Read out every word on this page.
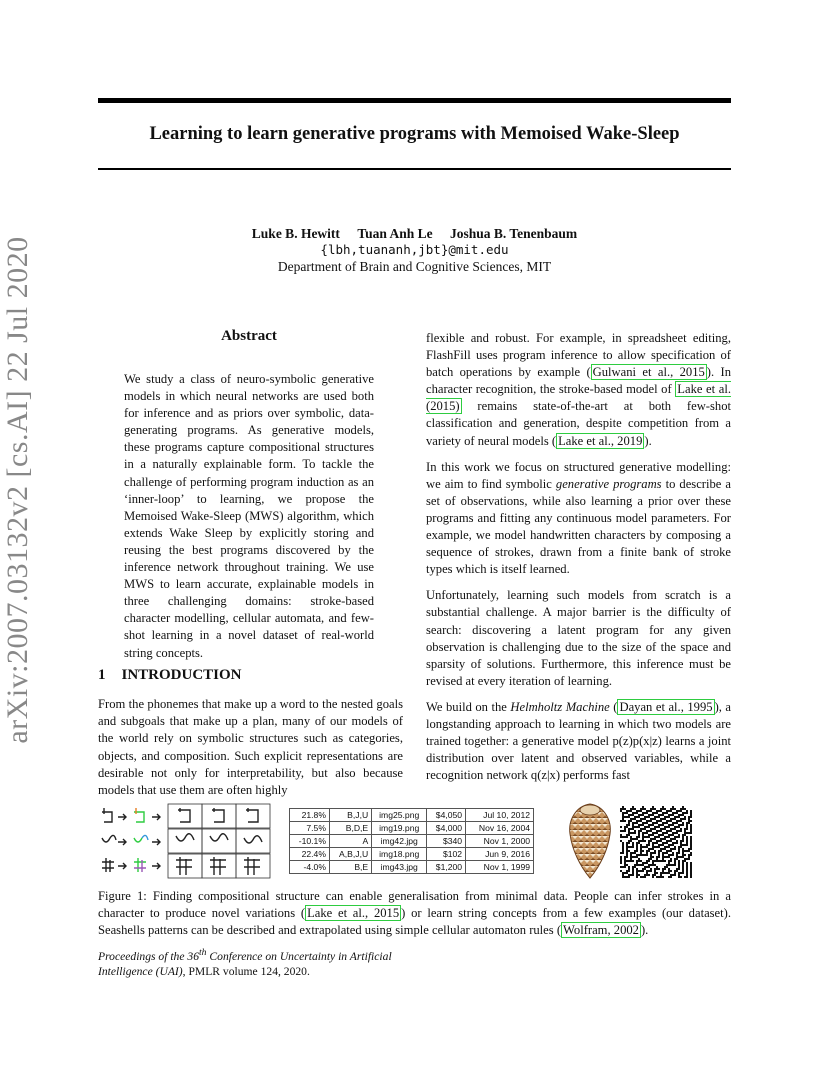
Learning to learn generative programs with Memoised Wake-Sleep
Luke B. Hewitt Tuan Anh Le Joshua B. Tenenbaum
{lbh,tuananh,jbt}@mit.edu
Department of Brain and Cognitive Sciences, MIT
arXiv:2007.03132v2 [cs.AI] 22 Jul 2020	Abstract
We study a class of neuro-symbolic generative models in which neural networks are used both for inference and as priors over symbolic, data-generating programs. As generative models, these programs capture compositional structures in a naturally explainable form. To tackle the challenge of performing program induction as an ‘inner-loop’ to learning, we propose the Memoised Wake-Sleep (MWS) algorithm, which extends Wake Sleep by explicitly storing and reusing the best programs discovered by the inference network throughout training. We use MWS to learn accurate, explainable models in three challenging domains: stroke-based character modelling, cellular automata, and few-shot learning in a novel dataset of real-world string concepts.
1 INTRODUCTION
From the phonemes that make up a word to the nested goals and subgoals that make up a plan, many of our models of the world rely on symbolic structures such as categories, objects, and composition. Such explicit representations are desirable not only for interpretability, but also because models that use them are often highly

flexible and robust. For example, in spreadsheet editing, FlashFill uses program inference to allow specification of batch operations by example ( Gulwani et al., 2015 ). In character recognition, the stroke-based model of Lake et al. (2015) remains state-of-the-art at both few-shot classification and generation, despite competition from a variety of neural models ( Lake et al., 2019 ).

In this work we focus on structured generative modelling: we aim to find symbolic generative programs to describe a set of observations, while also learning a prior over these programs and fitting any continuous model parameters. For example, we model handwritten characters by composing a sequence of strokes, drawn from a finite bank of stroke types which is itself learned.

Unfortunately, learning such models from scratch is a substantial challenge. A major barrier is the difficulty of search: discovering a latent program for any given observation is challenging due to the size of the space and sparsity of solutions. Furthermore, this inference must be revised at every iteration of learning.

We build on the Helmholtz Machine ( Dayan et al., 1995 ), a longstanding approach to learning in which two models are trained together: a generative model p(z)p(x|z) learns a joint distribution over latent and observed variables, while a recognition network q(z|x) performs fast

21.8%	B,J,U	img25.png	$4,050	Jul 10, 2012
7.5%	B,D,E	img19.png	$4,000	Nov 16, 2004
-10.1%	A	img42.jpg	$340	Nov 1, 2000
22.4%	A,B,J,U	img18.png	$102	Jun 9, 2016
-4.0%	B,E	img43.jpg	$1,200	Nov 1, 1999
Figure 1: Finding compositional structure can enable generalisation from minimal data. People can infer strokes in a character to produce novel variations ( Lake et al., 2015 ) or learn string concepts from a few examples (our dataset). Seashells patterns can be described and extrapolated using simple cellular automaton rules ( Wolfram, 2002 ).
Proceedings of the 36th Conference on Uncertainty in Artificial
Intelligence (UAI), PMLR volume 124, 2020.
